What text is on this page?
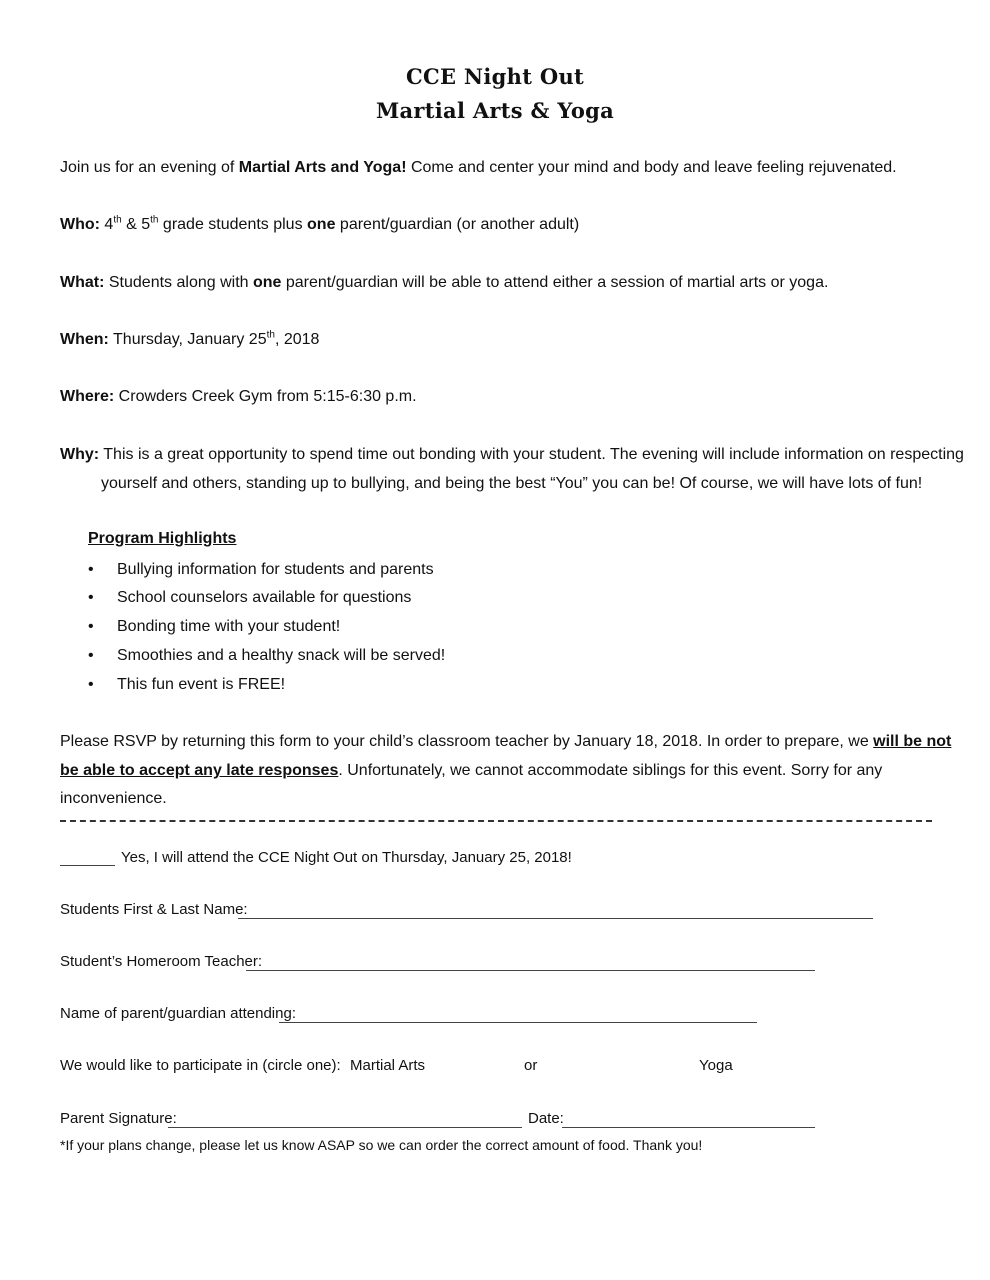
CCE Night Out
Martial Arts & Yoga
Join us for an evening of Martial Arts and Yoga! Come and center your mind and body and leave feeling rejuvenated.
Who: 4th & 5th grade students plus one parent/guardian (or another adult)
What: Students along with one parent/guardian will be able to attend either a session of martial arts or yoga.
When: Thursday, January 25th, 2018
Where: Crowders Creek Gym from 5:15-6:30 p.m.
Why: This is a great opportunity to spend time out bonding with your student. The evening will include information on respecting
yourself and others, standing up to bullying, and being the best “You” you can be! Of course, we will have lots of fun!
Program Highlights
• Bullying information for students and parents
• School counselors available for questions
• Bonding time with your student!
• Smoothies and a healthy snack will be served!
• This fun event is FREE!
Please RSVP by returning this form to your child’s classroom teacher by January 18, 2018. In order to prepare, we will be not
be able to accept any late responses. Unfortunately, we cannot accommodate siblings for this event. Sorry for any
inconvenience.
Yes, I will attend the CCE Night Out on Thursday, January 25, 2018!
Students First & Last Name:
Student’s Homeroom Teacher:
Name of parent/guardian attending:
We would like to participate in (circle one): Martial Arts	or	Yoga
Parent Signature:	Date:
*If your plans change, please let us know ASAP so we can order the correct amount of food. Thank you!
